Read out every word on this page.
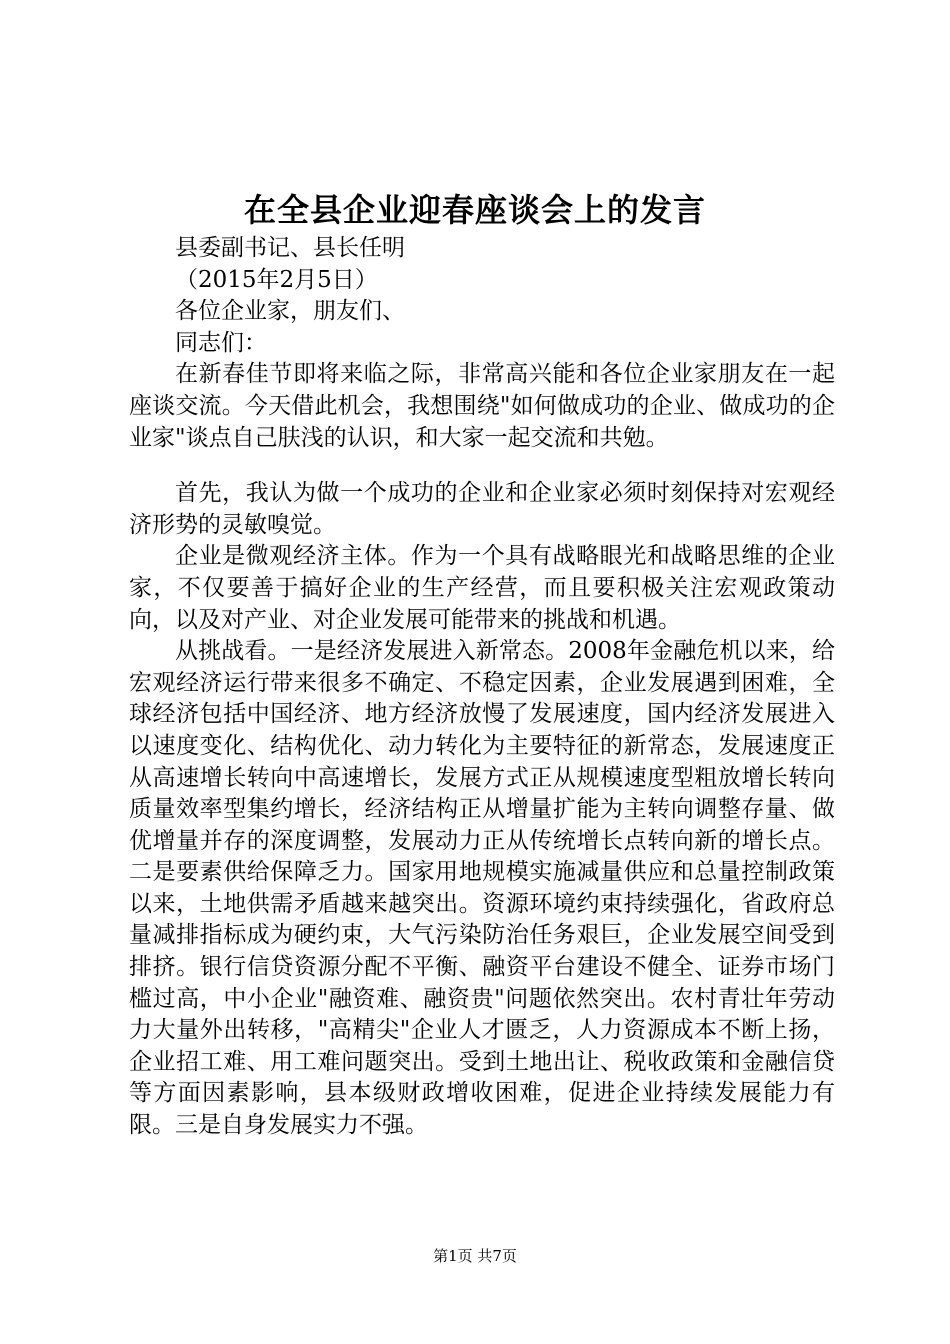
在全县企业迎春座谈会上的发言

县委副书记、县长任明

（2015年2月5日）

各位企业家，朋友们、

同志们：

在新春佳节即将来临之际，非常高兴能和各位企业家朋友在一起座谈交流。今天借此机会，我想围绕"如何做成功的企业、做成功的企业家"谈点自己肤浅的认识，和大家一起交流和共勉。

首先，我认为做一个成功的企业和企业家必须时刻保持对宏观经济形势的灵敏嗅觉。

企业是微观经济主体。作为一个具有战略眼光和战略思维的企业家，不仅要善于搞好企业的生产经营，而且要积极关注宏观政策动向，以及对产业、对企业发展可能带来的挑战和机遇。

从挑战看。一是经济发展进入新常态。2008年金融危机以来，给宏观经济运行带来很多不确定、不稳定因素，企业发展遇到困难，全球经济包括中国经济、地方经济放慢了发展速度，国内经济发展进入以速度变化、结构优化、动力转化为主要特征的新常态，发展速度正从高速增长转向中高速增长，发展方式正从规模速度型粗放增长转向质量效率型集约增长，经济结构正从增量扩能为主转向调整存量、做优增量并存的深度调整，发展动力正从传统增长点转向新的增长点。二是要素供给保障乏力。国家用地规模实施减量供应和总量控制政策以来，土地供需矛盾越来越突出。资源环境约束持续强化，省政府总量减排指标成为硬约束，大气污染防治任务艰巨，企业发展空间受到排挤。银行信贷资源分配不平衡、融资平台建设不健全、证券市场门槛过高，中小企业"融资难、融资贵"问题依然突出。农村青壮年劳动力大量外出转移，"高精尖"企业人才匮乏，人力资源成本不断上扬，企业招工难、用工难问题突出。受到土地出让、税收政策和金融信贷等方面因素影响，县本级财政增收困难，促进企业持续发展能力有限。三是自身发展实力不强。

第1页 共7页
